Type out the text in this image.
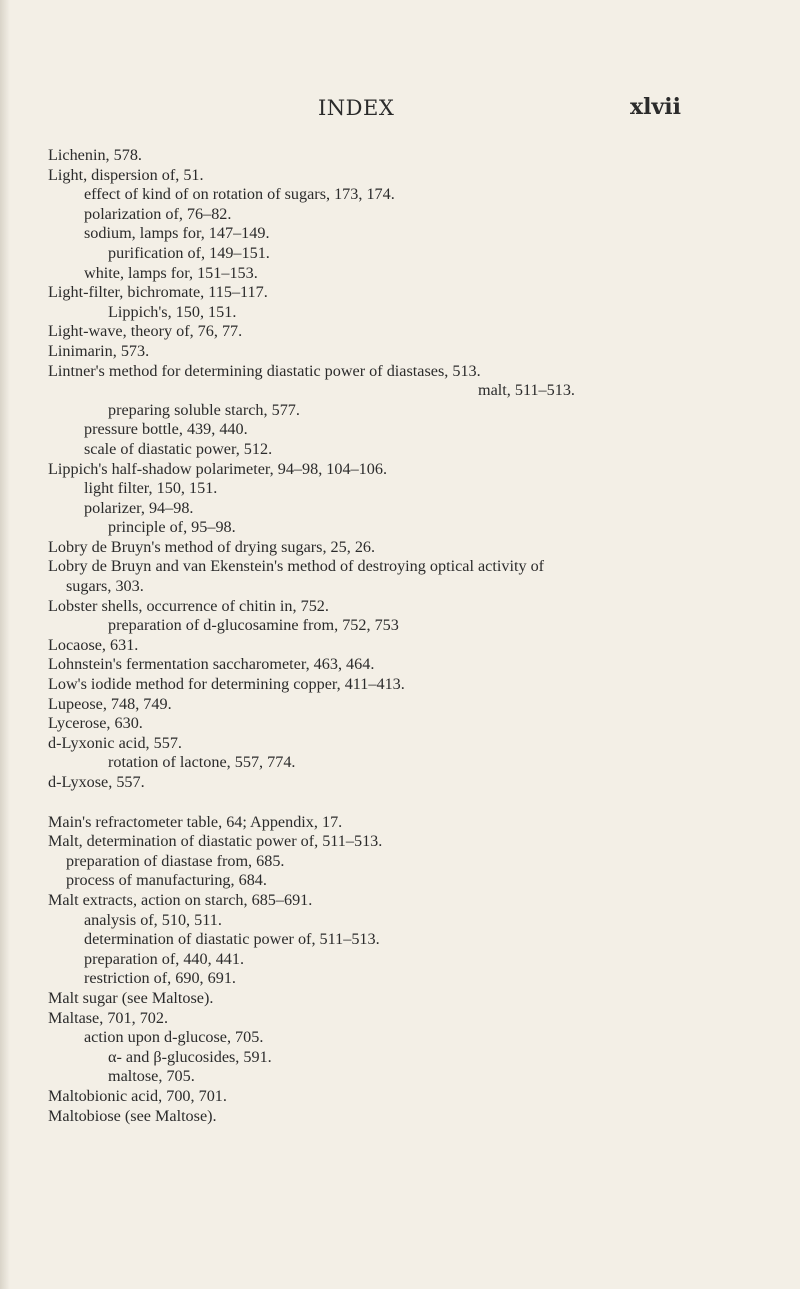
INDEX	xlvii
Lichenin, 578.
Light, dispersion of, 51.
effect of kind of on rotation of sugars, 173, 174.
polarization of, 76–82.
sodium, lamps for, 147–149.
purification of, 149–151.
white, lamps for, 151–153.
Light-filter, bichromate, 115–117.
Lippich's, 150, 151.
Light-wave, theory of, 76, 77.
Linimarin, 573.
Lintner's method for determining diastatic power of diastases, 513.
malt, 511–513.
preparing soluble starch, 577.
pressure bottle, 439, 440.
scale of diastatic power, 512.
Lippich's half-shadow polarimeter, 94–98, 104–106.
light filter, 150, 151.
polarizer, 94–98.
principle of, 95–98.
Lobry de Bruyn's method of drying sugars, 25, 26.
Lobry de Bruyn and van Ekenstein's method of destroying optical activity of
sugars, 303.
Lobster shells, occurrence of chitin in, 752.
preparation of d-glucosamine from, 752, 753
Locaose, 631.
Lohnstein's fermentation saccharometer, 463, 464.
Low's iodide method for determining copper, 411–413.
Lupeose, 748, 749.
Lycerose, 630.
d-Lyxonic acid, 557.
rotation of lactone, 557, 774.
d-Lyxose, 557.
Main's refractometer table, 64; Appendix, 17.
Malt, determination of diastatic power of, 511–513.
preparation of diastase from, 685.
process of manufacturing, 684.
Malt extracts, action on starch, 685–691.
analysis of, 510, 511.
determination of diastatic power of, 511–513.
preparation of, 440, 441.
restriction of, 690, 691.
Malt sugar (see Maltose).
Maltase, 701, 702.
action upon d-glucose, 705.
α- and β-glucosides, 591.
maltose, 705.
Maltobionic acid, 700, 701.
Maltobiose (see Maltose).
